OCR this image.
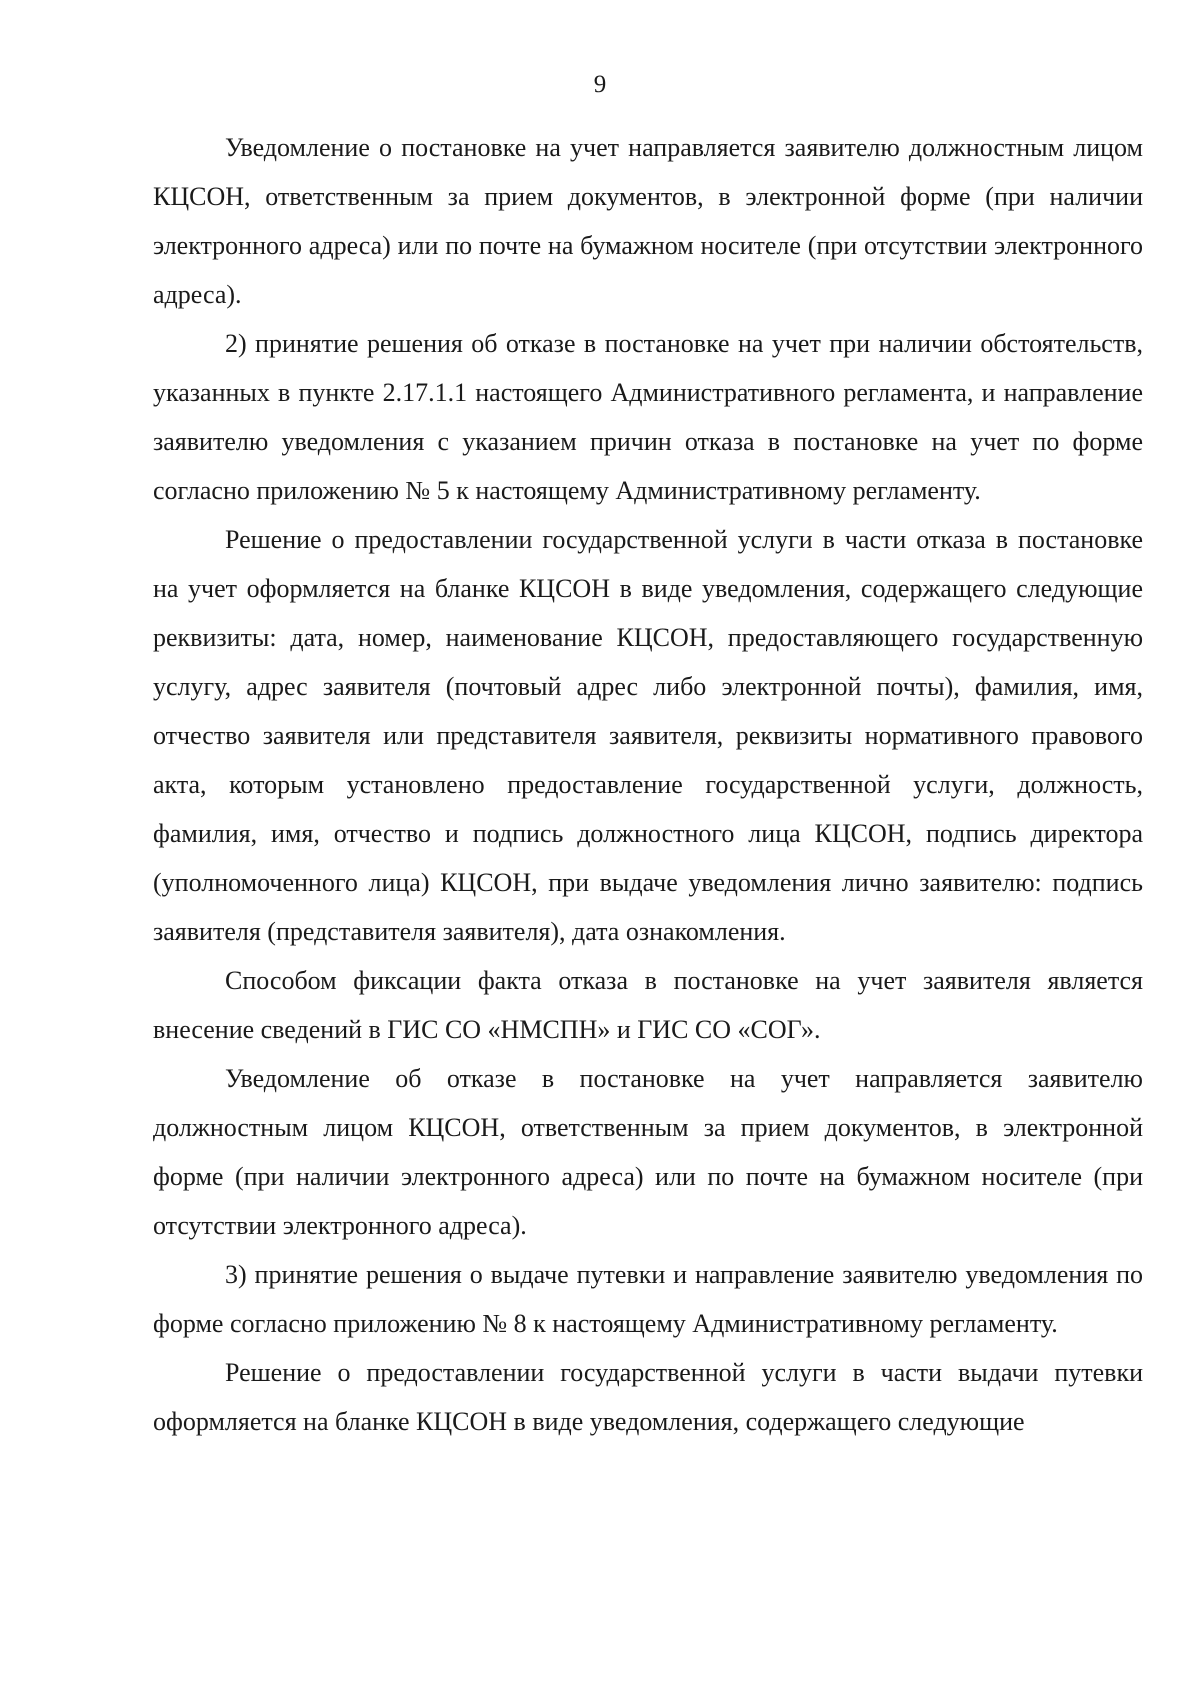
9

Уведомление о постановке на учет направляется заявителю должностным лицом КЦСОН, ответственным за прием документов, в электронной форме (при наличии электронного адреса) или по почте на бумажном носителе (при отсутствии электронного адреса).

2) принятие решения об отказе в постановке на учет при наличии обстоятельств, указанных в пункте 2.17.1.1 настоящего Административного регламента, и направление заявителю уведомления с указанием причин отказа в постановке на учет по форме согласно приложению № 5 к настоящему Административному регламенту.

Решение о предоставлении государственной услуги в части отказа в постановке на учет оформляется на бланке КЦСОН в виде уведомления, содержащего следующие реквизиты: дата, номер, наименование КЦСОН, предоставляющего государственную услугу, адрес заявителя (почтовый адрес либо электронной почты), фамилия, имя, отчество заявителя или представителя заявителя, реквизиты нормативного правового акта, которым установлено предоставление государственной услуги, должность, фамилия, имя, отчество и подпись должностного лица КЦСОН, подпись директора (уполномоченного лица) КЦСОН, при выдаче уведомления лично заявителю: подпись заявителя (представителя заявителя), дата ознакомления.

Способом фиксации факта отказа в постановке на учет заявителя является внесение сведений в ГИС СО «НМСПН» и ГИС СО «СОГ».

Уведомление об отказе в постановке на учет направляется заявителю должностным лицом КЦСОН, ответственным за прием документов, в электронной форме (при наличии электронного адреса) или по почте на бумажном носителе (при отсутствии электронного адреса).

3) принятие решения о выдаче путевки и направление заявителю уведомления по форме согласно приложению № 8 к настоящему Административному регламенту.

Решение о предоставлении государственной услуги в части выдачи путевки оформляется на бланке КЦСОН в виде уведомления, содержащего следующие
